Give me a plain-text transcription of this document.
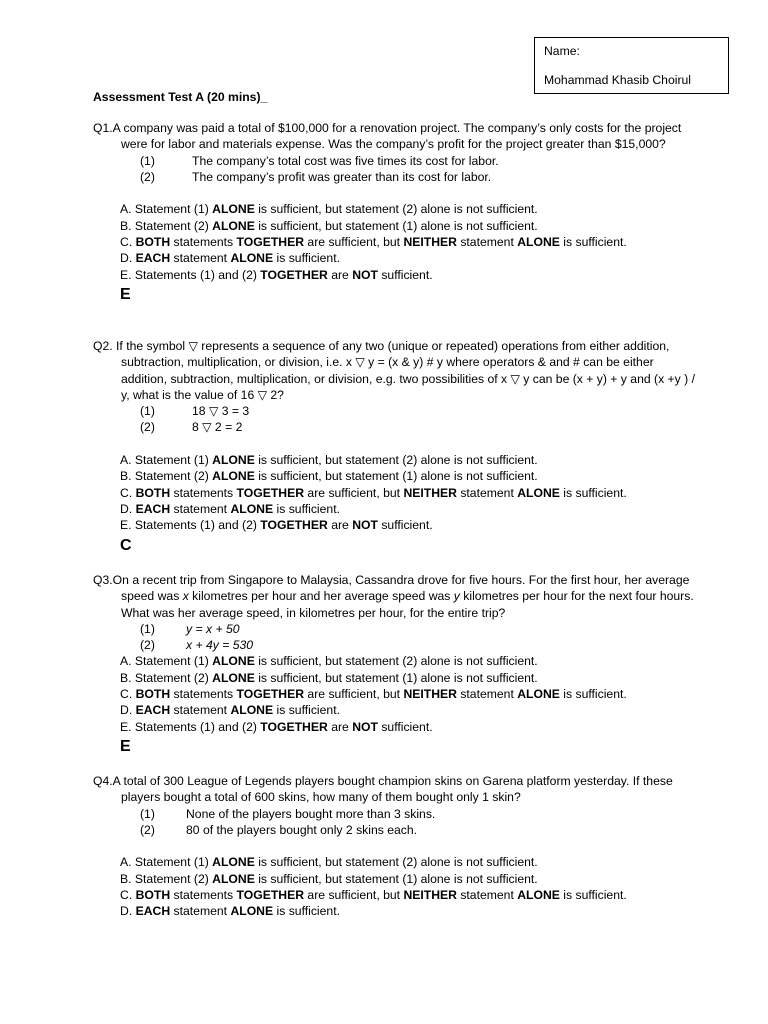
Name:
Mohammad Khasib Choirul
Assessment Test A (20 mins)_
Q1.A company was paid a total of $100,000 for a renovation project. The company’s only costs for the project were for labor and materials expense. Was the company’s profit for the project greater than $15,000?
(1)	The company’s total cost was five times its cost for labor.
(2)	The company’s profit was greater than its cost for labor.
A. Statement (1) ALONE is sufficient, but statement (2) alone is not sufficient.
B. Statement (2) ALONE is sufficient, but statement (1) alone is not sufficient.
C. BOTH statements TOGETHER are sufficient, but NEITHER statement ALONE is sufficient.
D. EACH statement ALONE is sufficient.
E. Statements (1) and (2) TOGETHER are NOT sufficient.
E
Q2. If the symbol ▽ represents a sequence of any two (unique or repeated) operations from either addition, subtraction, multiplication, or division, i.e. x ▽ y = (x & y) # y where operators & and # can be either addition, subtraction, multiplication, or division, e.g. two possibilities of x ▽ y can be (x + y) + y and (x +y ) / y, what is the value of 16 ▽ 2?
(1)	18 ▽ 3 = 3
(2)	8 ▽ 2 = 2
A. Statement (1) ALONE is sufficient, but statement (2) alone is not sufficient.
B. Statement (2) ALONE is sufficient, but statement (1) alone is not sufficient.
C. BOTH statements TOGETHER are sufficient, but NEITHER statement ALONE is sufficient.
D. EACH statement ALONE is sufficient.
E. Statements (1) and (2) TOGETHER are NOT sufficient.
C
Q3.On a recent trip from Singapore to Malaysia, Cassandra drove for five hours. For the first hour, her average speed was x kilometres per hour and her average speed was y kilometres per hour for the next four hours. What was her average speed, in kilometres per hour, for the entire trip?
(1)	y = x + 50
(2)	x + 4y = 530
A. Statement (1) ALONE is sufficient, but statement (2) alone is not sufficient.
B. Statement (2) ALONE is sufficient, but statement (1) alone is not sufficient.
C. BOTH statements TOGETHER are sufficient, but NEITHER statement ALONE is sufficient.
D. EACH statement ALONE is sufficient.
E. Statements (1) and (2) TOGETHER are NOT sufficient.
E
Q4.A total of 300 League of Legends players bought champion skins on Garena platform yesterday. If these players bought a total of 600 skins, how many of them bought only 1 skin?
(1)	None of the players bought more than 3 skins.
(2)	80 of the players bought only 2 skins each.
A. Statement (1) ALONE is sufficient, but statement (2) alone is not sufficient.
B. Statement (2) ALONE is sufficient, but statement (1) alone is not sufficient.
C. BOTH statements TOGETHER are sufficient, but NEITHER statement ALONE is sufficient.
D. EACH statement ALONE is sufficient.
